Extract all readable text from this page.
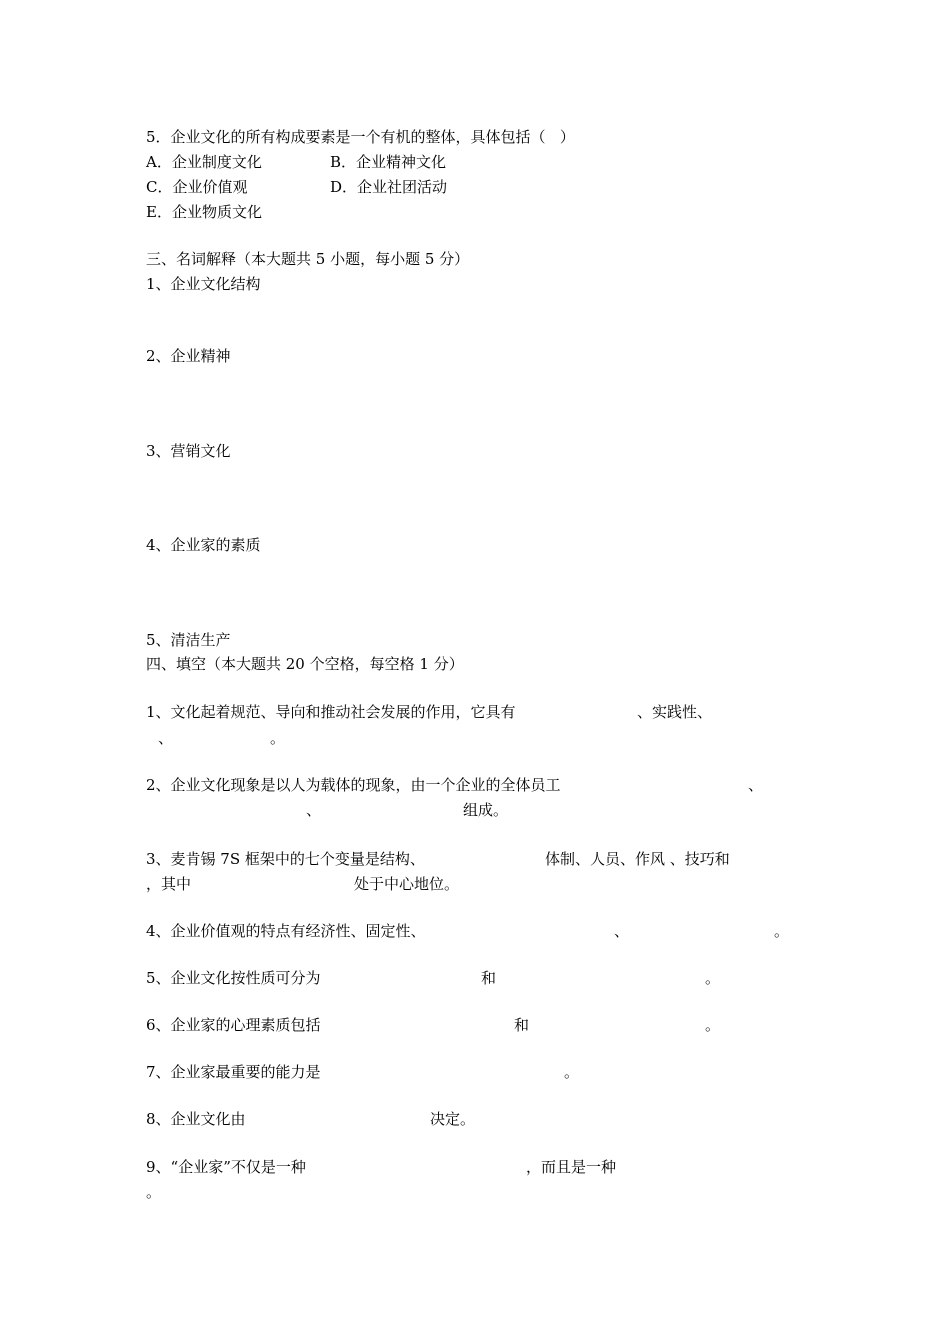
5．企业文化的所有构成要素是一个有机的整体，具体包括（   ）
A．企业制度文化	B．企业精神文化
C．企业价值观	D．企业社团活动
E．企业物质文化
三、名词解释（本大题共 5 小题，每小题 5 分）
1、企业文化结构
2、企业精神
3、营销文化
4、企业家的素质
5、清洁生产
四、填空（本大题共 20 个空格，每空格 1 分）
1、文化起着规范、导向和推动社会发展的作用，它具有	、实践性、
、	。
2、企业文化现象是以人为载体的现象，由一个企业的全体员工	、
、	组成。
3、麦肯锡 7S 框架中的七个变量是结构、	体制、人员、作风 、技巧和
，其中	处于中心地位。
4、企业价值观的特点有经济性、固定性、	、	。
5、企业文化按性质可分为	和	。
6、企业家的心理素质包括	和	。
7、企业家最重要的能力是	。
8、企业文化由	决定。
9、“企业家”不仅是一种	，而且是一种
。
